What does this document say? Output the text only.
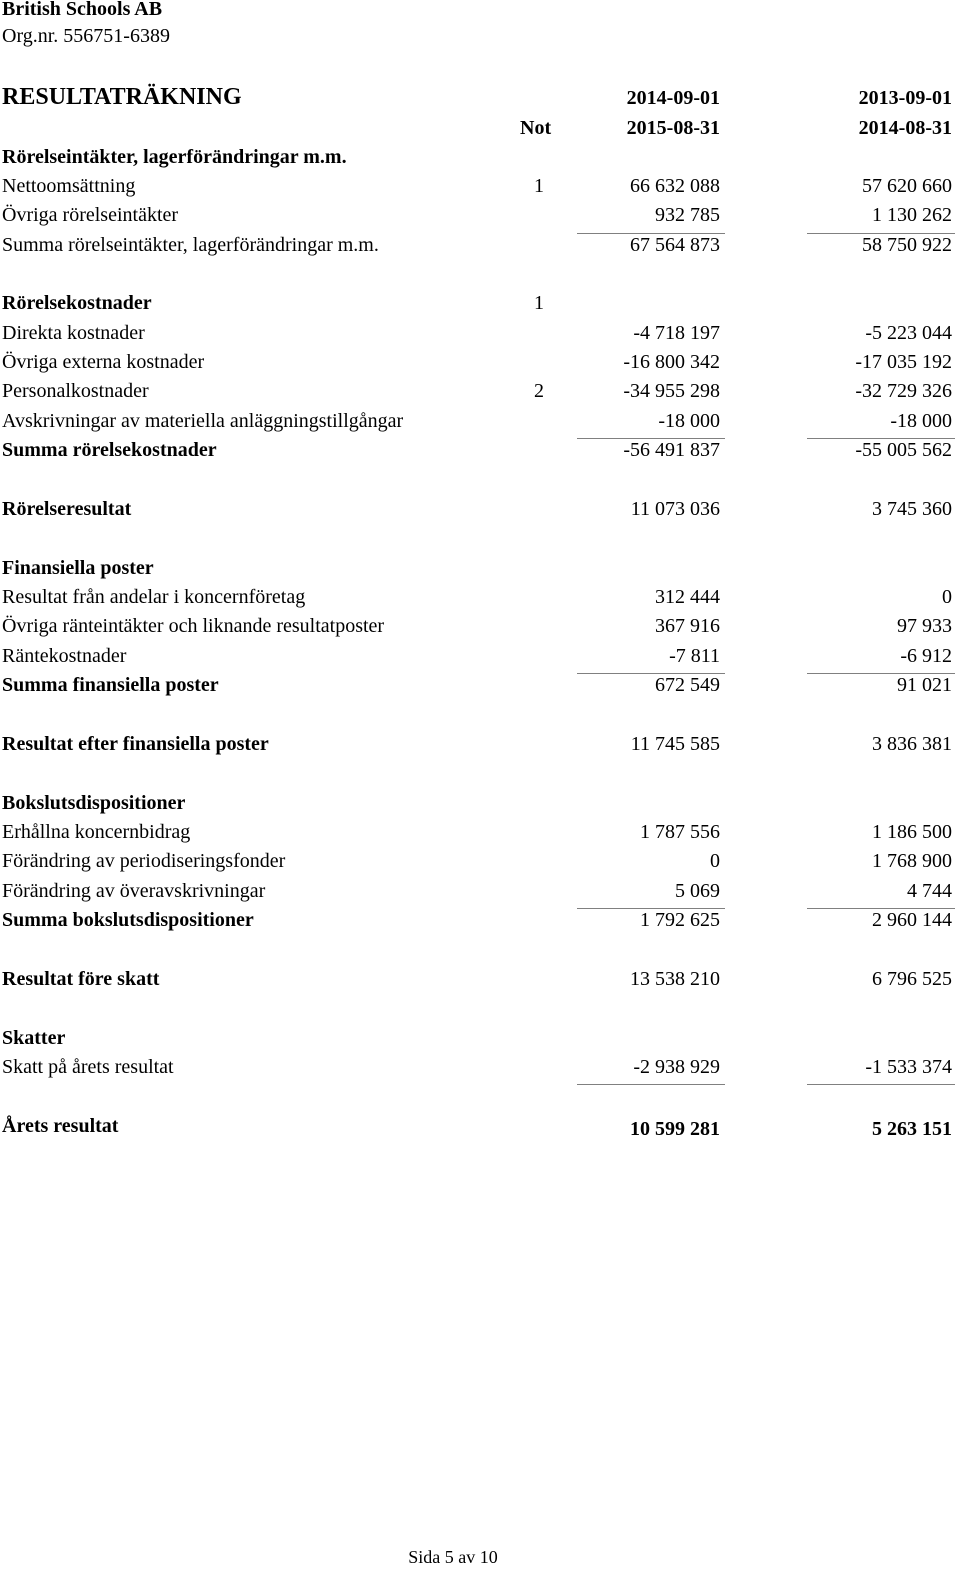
British Schools AB
Org.nr. 556751-6389
RESULTATRÄKNING	2014-09-01	2013-09-01
Not	2015-08-31	2014-08-31
Rörelseintäkter, lagerförändringar m.m.
Nettoomsättning	1	66 632 088	57 620 660
Övriga rörelseintäkter	932 785	1 130 262
Summa rörelseintäkter, lagerförändringar m.m.	67 564 873	58 750 922
Rörelsekostnader	1
Direkta kostnader	-4 718 197	-5 223 044
Övriga externa kostnader	-16 800 342	-17 035 192
Personalkostnader	2	-34 955 298	-32 729 326
Avskrivningar av materiella anläggningstillgångar	-18 000	-18 000
Summa rörelsekostnader	-56 491 837	-55 005 562
Rörelseresultat	11 073 036	3 745 360
Finansiella poster
Resultat från andelar i koncernföretag	312 444	0
Övriga ränteintäkter och liknande resultatposter	367 916	97 933
Räntekostnader	-7 811	-6 912
Summa finansiella poster	672 549	91 021
Resultat efter finansiella poster	11 745 585	3 836 381
Bokslutsdispositioner
Erhållna koncernbidrag	1 787 556	1 186 500
Förändring av periodiseringsfonder	0	1 768 900
Förändring av överavskrivningar	5 069	4 744
Summa bokslutsdispositioner	1 792 625	2 960 144
Resultat före skatt	13 538 210	6 796 525
Skatter
Skatt på årets resultat	-2 938 929	-1 533 374
Årets resultat	10 599 281	5 263 151
Sida 5 av 10
